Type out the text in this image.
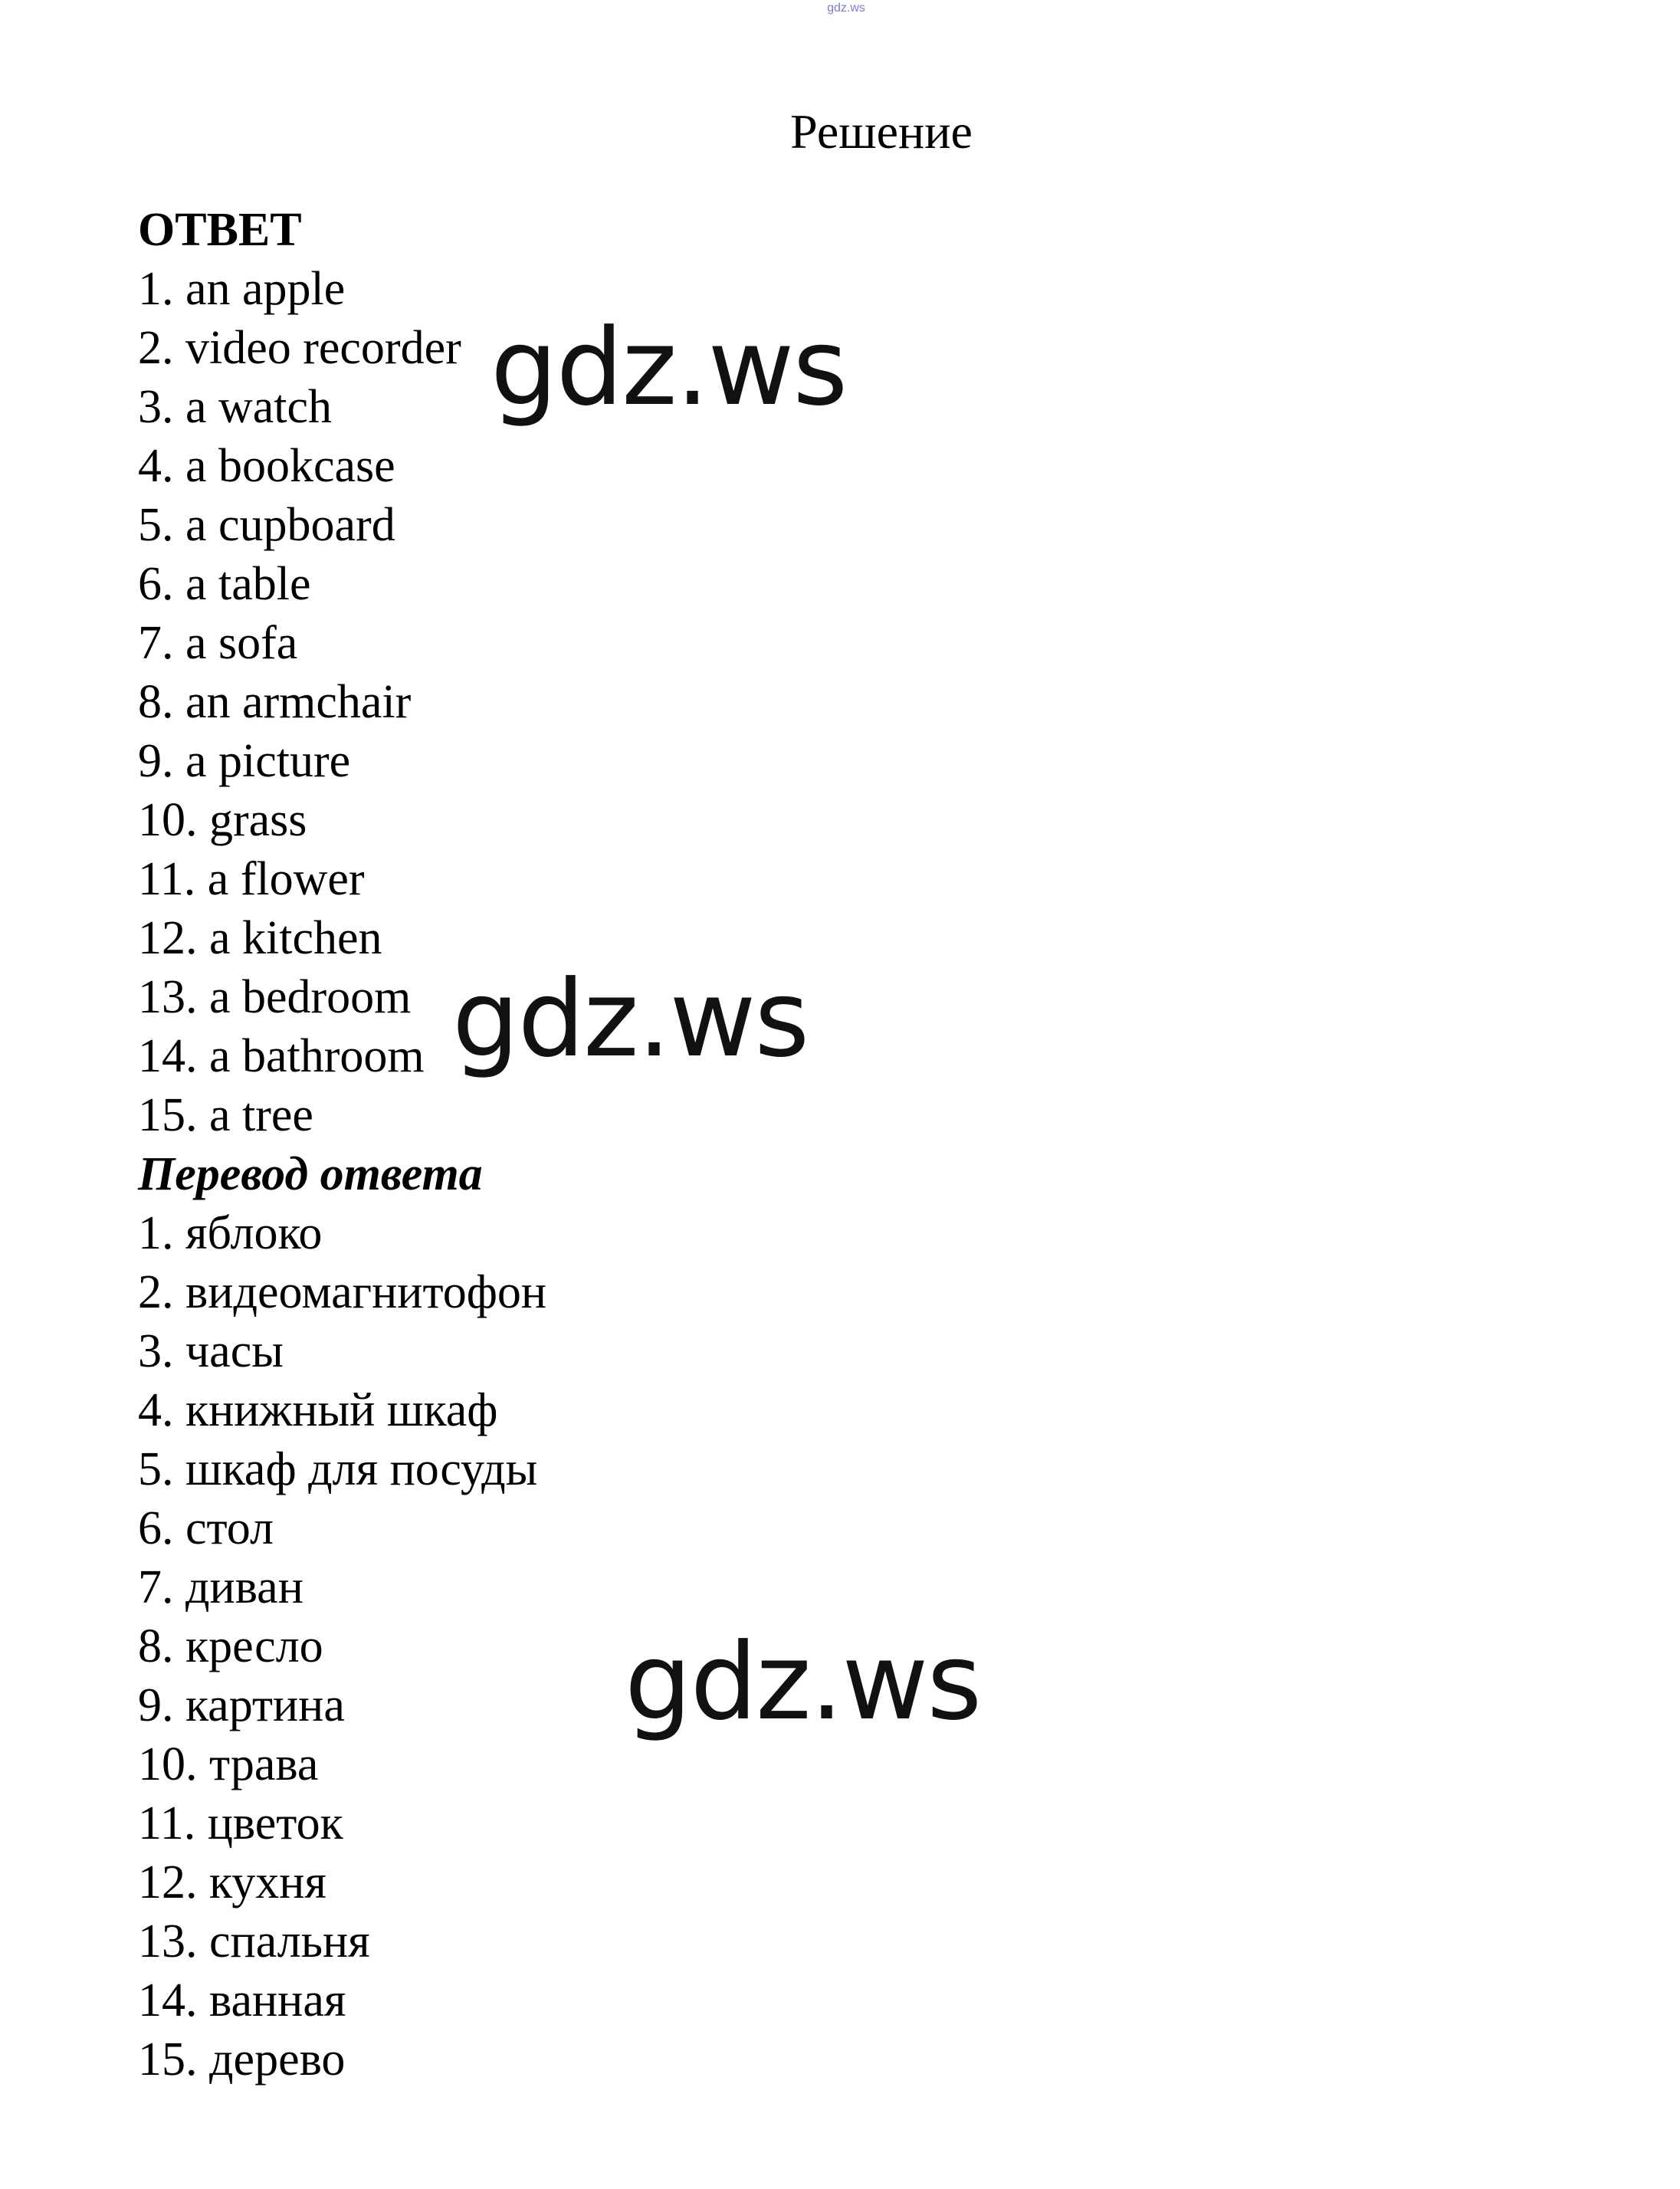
gdz.ws
Решение
ОТВЕТ
1. an apple
2. video recorder
3. a watch
4. a bookcase
5. a cupboard
6. a table
7. a sofa
8. an armchair
9. a picture
10. grass
11. a flower
12. a kitchen
13. a bedroom
14. a bathroom
15. a tree
Перевод ответа
1. яблоко
2. видеомагнитофон
3. часы
4. книжный шкаф
5. шкаф для посуды
6. стол
7. диван
8. кресло
9. картина
10. трава
11. цветок
12. кухня
13. спальня
14. ванная
15. дерево
gdz.ws
gdz.ws
gdz.ws
